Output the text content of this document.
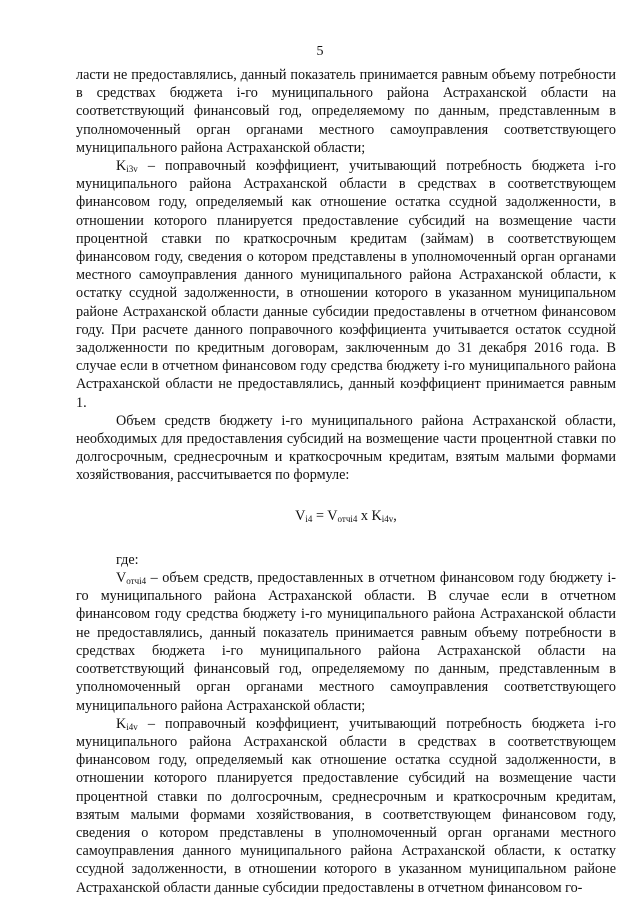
5

ласти не предоставлялись, данный показатель принимается равным объему потребности в средствах бюджета i-го муниципального района Астраханской области на соответствующий финансовый год, определяемому по данным, представленным в уполномоченный орган органами местного самоуправления соответствующего муниципального района Астраханской области;

$K_{i3v}$ – поправочный коэффициент, учитывающий потребность бюджета i-го муниципального района Астраханской области в средствах в соответствующем финансовом году, определяемый как отношение остатка ссудной задолженности, в отношении которого планируется предоставление субсидий на возмещение части процентной ставки по краткосрочным кредитам (займам) в соответствующем финансовом году, сведения о котором представлены в уполномоченный орган органами местного самоуправления данного муниципального района Астраханской области, к остатку ссудной задолженности, в отношении которого в указанном муниципальном районе Астраханской области данные субсидии предоставлены в отчетном финансовом году. При расчете данного поправочного коэффициента учитывается остаток ссудной задолженности по кредитным договорам, заключенным до 31 декабря 2016 года. В случае если в отчетном финансовом году средства бюджету i-го муниципального района Астраханской области не предоставлялись, данный коэффициент принимается равным 1.

Объем средств бюджету i-го муниципального района Астраханской области, необходимых для предоставления субсидий на возмещение части процентной ставки по долгосрочным, среднесрочным и краткосрочным кредитам, взятым малыми формами хозяйствования, рассчитывается по формуле:

$V_{i4} = V_{отчi4}$ x $K_{i4v}$,

где:

$V_{отчi4}$ – объем средств, предоставленных в отчетном финансовом году бюджету i-го муниципального района Астраханской области. В случае если в отчетном финансовом году средства бюджету i-го муниципального района Астраханской области не предоставлялись, данный показатель принимается равным объему потребности в средствах бюджета i-го муниципального района Астраханской области на соответствующий финансовый год, определяемому по данным, представленным в уполномоченный орган органами местного самоуправления соответствующего муниципального района Астраханской области;

$K_{i4v}$ – поправочный коэффициент, учитывающий потребность бюджета i-го муниципального района Астраханской области в средствах в соответствующем финансовом году, определяемый как отношение остатка ссудной задолженности, в отношении которого планируется предоставление субсидий на возмещение части процентной ставки по долгосрочным, среднесрочным и краткосрочным кредитам, взятым малыми формами хозяйствования, в соответствующем финансовом году, сведения о котором представлены в уполномоченный орган органами местного самоуправления данного муниципального района Астраханской области, к остатку ссудной задолженности, в отношении которого в указанном муниципальном районе Астраханской области данные субсидии предоставлены в отчетном финансовом го-
